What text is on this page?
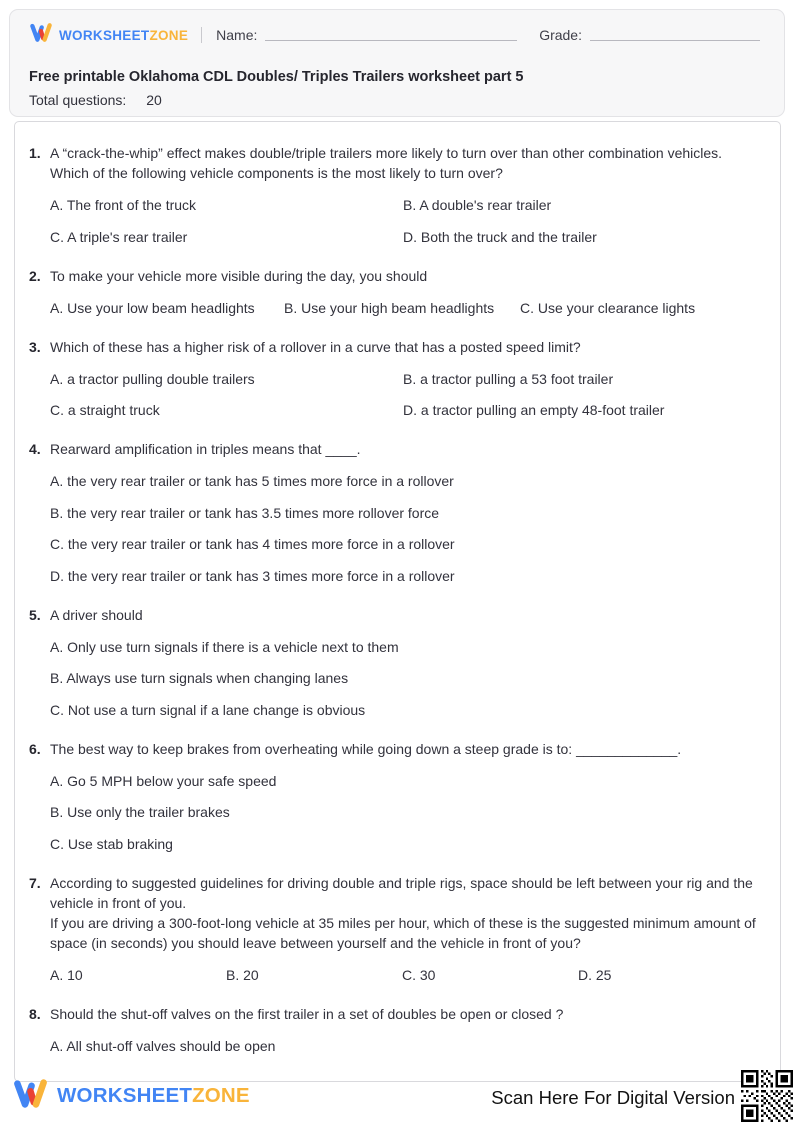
WORKSHEETZONE Name:	Grade:
Free printable Oklahoma CDL Doubles/ Triples Trailers worksheet part 5
Total questions: 20
1. A “crack-the-whip” effect makes double/triple trailers more likely to turn over than other combination vehicles. Which of the following vehicle components is the most likely to turn over?
A. The front of the truck	B. A double's rear trailer
C. A triple's rear trailer	D. Both the truck and the trailer
2. To make your vehicle more visible during the day, you should
A. Use your low beam headlights	B. Use your high beam headlights	C. Use your clearance lights
3. Which of these has a higher risk of a rollover in a curve that has a posted speed limit?
A. a tractor pulling double trailers	B. a tractor pulling a 53 foot trailer
C. a straight truck	D. a tractor pulling an empty 48-foot trailer
4. Rearward amplification in triples means that ____.
A. the very rear trailer or tank has 5 times more force in a rollover
B. the very rear trailer or tank has 3.5 times more rollover force
C. the very rear trailer or tank has 4 times more force in a rollover
D. the very rear trailer or tank has 3 times more force in a rollover
5. A driver should
A. Only use turn signals if there is a vehicle next to them
B. Always use turn signals when changing lanes
C. Not use a turn signal if a lane change is obvious
6. The best way to keep brakes from overheating while going down a steep grade is to: _____________.
A. Go 5 MPH below your safe speed
B. Use only the trailer brakes
C. Use stab braking
7. According to suggested guidelines for driving double and triple rigs, space should be left between your rig and the vehicle in front of you.
If you are driving a 300-foot-long vehicle at 35 miles per hour, which of these is the suggested minimum amount of space (in seconds) you should leave between yourself and the vehicle in front of you?
A. 10	B. 20	C. 30	D. 25
8. Should the shut-off valves on the first trailer in a set of doubles be open or closed ?
A. All shut-off valves should be open
WORKSHEETZONE	Scan Here For Digital Version
